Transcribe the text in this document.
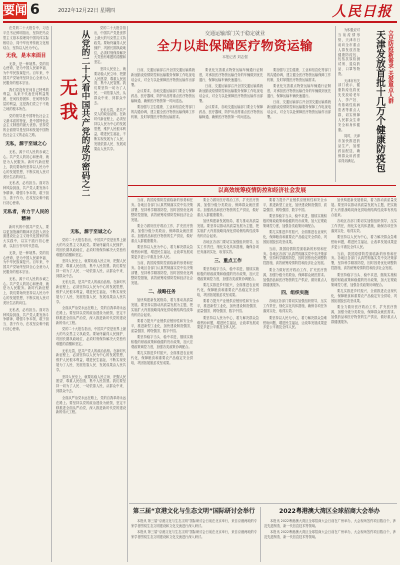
要闻 6	2022年12月22日 星期四	人民日报

在党的二十大报告中，习近平总书记鲜明指出，坚持把马克思主义基本原理同中国具体实际相结合、同中华优秀传统文化相结合，坚持以人民为中心。

无我，是本来面目

无我，是一种境界。党的初心使命，是为中国人民谋幸福、为中华民族谋复兴。百年来，中国共产党始终坚持全心全意为人民服务的根本宗旨。

我们党没有任何自己特殊的利益，从来不代表任何利益集团、任何权势团体、任何特权阶层的利益，这是我们党立于不败之地的根本所在。

党的领导是中国特色社会主义最本质的特征，是中国特色社会主义制度的最大优势。坚持党的全面领导是坚持和发展中国特色社会主义的必由之路。

无私，源于至诚之心

无私，源于对人民的赤诚之心。共产党人的初心和使命，就是为人民服务。新时代新征程上，我们要始终坚持以人民为中心的发展思想，不断实现人民对美好生活的向往。

无私者，必有担当。面对各种风险挑战，共产党人要发扬斗争精神，增强斗争本领，敢于担当、善于作为，在攻坚克难中践行初心使命。

无私者，有力于人民的精神

新时代的中国共产党人，要以更加饱满的精神状态投入到全面建设社会主义现代化国家的伟大实践中，以实干践行初心使命，以担当书写时代答卷。

无我，是一种境界。党的初心使命，是为中国人民谋幸福、为中华民族谋复兴。百年来，中国共产党始终坚持全心全意为人民服务的根本宗旨。

无私，源于对人民的赤诚之心。共产党人的初心和使命，就是为人民服务。新时代新征程上，我们要始终坚持以人民为中心的发展思想，不断实现人民对美好生活的向往。

无私者，必有担当。面对各种风险挑战，共产党人要发扬斗争精神，增强斗争本领，敢于担当、善于作为，在攻坚克难中践行初心使命。

无我 从党的二十大看中国共产党的成功密码之二

党的二十大报告指出，中国共产党是世界上最大的马克思主义执政党。要始终赢得人民拥护、巩固长期执政地位，必须时刻保持解决大党独有难题的清醒和坚定。

坚持人民至上，就要站稳人民立场、把握人民愿望、尊重人民创造、集中人民智慧。我们要坚持一切为了人民、一切依靠人民，从群众中来、到群众中去。

无私无畏，是共产党人的政治品格。在新时代新征程上，必须坚持以人民为中心的发展思想，维护人民根本利益，增进民生福祉，不断实现发展为了人民、发展依靠人民、发展成果由人民共享。

无私，源于至诚之心

党的二十大报告指出，中国共产党是世界上最大的马克思主义执政党。要始终赢得人民拥护、巩固长期执政地位，必须时刻保持解决大党独有难题的清醒和坚定。

坚持人民至上，就要站稳人民立场、把握人民愿望、尊重人民创造、集中人民智慧。我们要坚持一切为了人民、一切依靠人民，从群众中来、到群众中去。

无私无畏，是共产党人的政治品格。在新时代新征程上，必须坚持以人民为中心的发展思想，维护人民根本利益，增进民生福祉，不断实现发展为了人民、发展依靠人民、发展成果由人民共享。

全面从严治党永远在路上，党的自我革命永远在路上。要坚持以党的政治建设为统领，坚定不移推进全面从严治党，深入推进新时代党的建设新的伟大工程。

党的二十大报告指出，中国共产党是世界上最大的马克思主义执政党。要始终赢得人民拥护、巩固长期执政地位，必须时刻保持解决大党独有难题的清醒和坚定。

无私无畏，是共产党人的政治品格。在新时代新征程上，必须坚持以人民为中心的发展思想，维护人民根本利益，增进民生福祉，不断实现发展为了人民、发展依靠人民、发展成果由人民共享。

坚持人民至上，就要站稳人民立场、把握人民愿望、尊重人民创造、集中人民智慧。我们要坚持一切为了人民、一切依靠人民，从群众中来、到群众中去。

全面从严治党永远在路上，党的自我革命永远在路上。要坚持以党的政治建设为统领，坚定不移推进全面从严治党，深入推进新时代党的建设新的伟大工程。

交通运输部门关于稳定就业
全力以赴保障医疗物资运输
本报记者 刘志强

日前，交通运输部召开全国交通运输系统新冠肺炎疫情防控和运输服务保障工作电视电话会议，对全力以赴保障医疗物资运输作出部署。

会议要求，各地交通运输部门要全力保障药品、医疗器械、防护用品等重点医疗物资运输畅通，确保医疗物资第一时间送达。

要加强与卫生健康、工业和信息化等部门的沟通协调，建立健全医疗物资运输保障工作机制，及时掌握医疗物资运输需求。

要优化完善重点物资运输车辆通行证制度，对承担医疗物资运输任务的车辆做到优先通行，保障运输车辆快速通行。

日前，交通运输部召开全国交通运输系统新冠肺炎疫情防控和运输服务保障工作电视电话会议，对全力以赴保障医疗物资运输作出部署。

会议要求，各地交通运输部门要全力保障药品、医疗器械、防护用品等重点医疗物资运输畅通，确保医疗物资第一时间送达。

要加强与卫生健康、工业和信息化等部门的沟通协调，建立健全医疗物资运输保障工作机制，及时掌握医疗物资运输需求。

要优化完善重点物资运输车辆通行证制度，对承担医疗物资运输任务的车辆做到优先通行，保障运输车辆快速通行。

日前，交通运输部召开全国交通运输系统新冠肺炎疫情防控和运输服务保障工作电视电话会议，对全力以赴保障医疗物资运输作出部署。

为积极应对当前疫情形势，天津市日前向全市重点人群发放首批健康防疫包，包括抗原检测试剂、退烧药品、口罩等物资。

天津市有关部门表示，健康防疫包将优先发放给老年人、孕产妇、有基础性疾病患者等重点人群，切实保障人民群众生命安全和身体健康。

同时，天津市加快推进药品生产，加强药品配送，确保群众用药需求得到满足。	天津发放首批十几万个健康防疫包 立足防疫新需求 关爱重点人群
以高效统筹疫情防控和经济社会发展

当前，我国疫情防控面临新的形势和任务。各地区各部门认真贯彻落实党中央决策部署，坚持科学精准防控，因时因势优化调整防控措施，高效统筹疫情防控和经济社会发展。

要全力做好医疗救治工作，扩充医疗资源，加强分级分类救治，保障群众就医需求。加强药品和医疗物资的生产供应，做好重点人群健康服务。

要坚持以人民为中心，着力解决群众急难愁盼问题，增进民生福祉，让改革发展成果更多更公平惠及全体人民。

当前，我国疫情防控面临新的形势和任务。各地区各部门认真贯彻落实党中央决策部署，坚持科学精准防控，因时因势优化调整防控措施，高效统筹疫情防控和经济社会发展。

二、战略任务

加快构建新发展格局，着力推动高质量发展。要坚持以推动高质量发展为主题，把实施扩大内需战略同深化供给侧结构性改革有机结合起来。

要着力提升产业链供应链韧性和安全水平，推进新型工业化，加快建设制造强国、质量强国、网络强国、数字中国。

要坚持稳字当头、稳中求进，继续实施积极的财政政策和稳健的货币政策，加大宏观政策调控力度，加强各类政策协调配合。

要扎实推进乡村振兴，全面推进农业现代化，保障粮食和重要农产品稳定安全供给，巩固拓展脱贫攻坚成果。

要全力做好医疗救治工作，扩充医疗资源，加强分级分类救治，保障群众就医需求。加强药品和医疗物资的生产供应，做好重点人群健康服务。

加快构建新发展格局，着力推动高质量发展。要坚持以推动高质量发展为主题，把实施扩大内需战略同深化供给侧结构性改革有机结合起来。

各地区各部门要切实加强组织领导，压实工作责任，细化实化具体措施，确保各项任务落到实处、取得实效。

三、重点工作

要坚持稳字当头、稳中求进，继续实施积极的财政政策和稳健的货币政策，加大宏观政策调控力度，加强各类政策协调配合。

要扎实推进乡村振兴，全面推进农业现代化，保障粮食和重要农产品稳定安全供给，巩固拓展脱贫攻坚成果。

要着力提升产业链供应链韧性和安全水平，推进新型工业化，加快建设制造强国、质量强国、网络强国、数字中国。

要坚持以人民为中心，着力解决群众急难愁盼问题，增进民生福祉，让改革发展成果更多更公平惠及全体人民。

要着力提升产业链供应链韧性和安全水平，推进新型工业化，加快建设制造强国、质量强国、网络强国、数字中国。

要坚持稳字当头、稳中求进，继续实施积极的财政政策和稳健的货币政策，加大宏观政策调控力度，加强各类政策协调配合。

要扎实推进乡村振兴，全面推进农业现代化，保障粮食和重要农产品稳定安全供给，巩固拓展脱贫攻坚成果。

当前，我国疫情防控面临新的形势和任务。各地区各部门认真贯彻落实党中央决策部署，坚持科学精准防控，因时因势优化调整防控措施，高效统筹疫情防控和经济社会发展。

要全力做好医疗救治工作，扩充医疗资源，加强分级分类救治，保障群众就医需求。加强药品和医疗物资的生产供应，做好重点人群健康服务。

四、组织实施

各地区各部门要切实加强组织领导，压实工作责任，细化实化具体措施，确保各项任务落到实处、取得实效。

要坚持以人民为中心，着力解决群众急难愁盼问题，增进民生福祉，让改革发展成果更多更公平惠及全体人民。

加快构建新发展格局，着力推动高质量发展。要坚持以推动高质量发展为主题，把实施扩大内需战略同深化供给侧结构性改革有机结合起来。

各地区各部门要切实加强组织领导，压实工作责任，细化实化具体措施，确保各项任务落到实处、取得实效。

要坚持以人民为中心，着力解决群众急难愁盼问题，增进民生福祉，让改革发展成果更多更公平惠及全体人民。

当前，我国疫情防控面临新的形势和任务。各地区各部门认真贯彻落实党中央决策部署，坚持科学精准防控，因时因势优化调整防控措施，高效统筹疫情防控和经济社会发展。

要坚持稳字当头、稳中求进，继续实施积极的财政政策和稳健的货币政策，加大宏观政策调控力度，加强各类政策协调配合。

要扎实推进乡村振兴，全面推进农业现代化，保障粮食和重要农产品稳定安全供给，巩固拓展脱贫攻坚成果。

要全力做好医疗救治工作，扩充医疗资源，加强分级分类救治，保障群众就医需求。加强药品和医疗物资的生产供应，做好重点人群健康服务。

第三届“京港文化与生态文明”国际研讨会举行	2022粤港澳大湾区全球招商大会举办

本报讯 第三届“京港文化与生态文明”国际研讨会日前在北京举行，来自京港两地的专家学者围绕生态文明建设和文化交流进行深入研讨。

本报讯 第三届“京港文化与生态文明”国际研讨会日前在北京举行，来自京港两地的专家学者围绕生态文明建设和文化交流进行深入研讨。

本报讯 2022粤港澳大湾区全球招商大会日前在广州举办，大会现场签约项目数百个，涉及先进制造、新一代信息技术等领域。

本报讯 2022粤港澳大湾区全球招商大会日前在广州举办，大会现场签约项目数百个，涉及先进制造、新一代信息技术等领域。
